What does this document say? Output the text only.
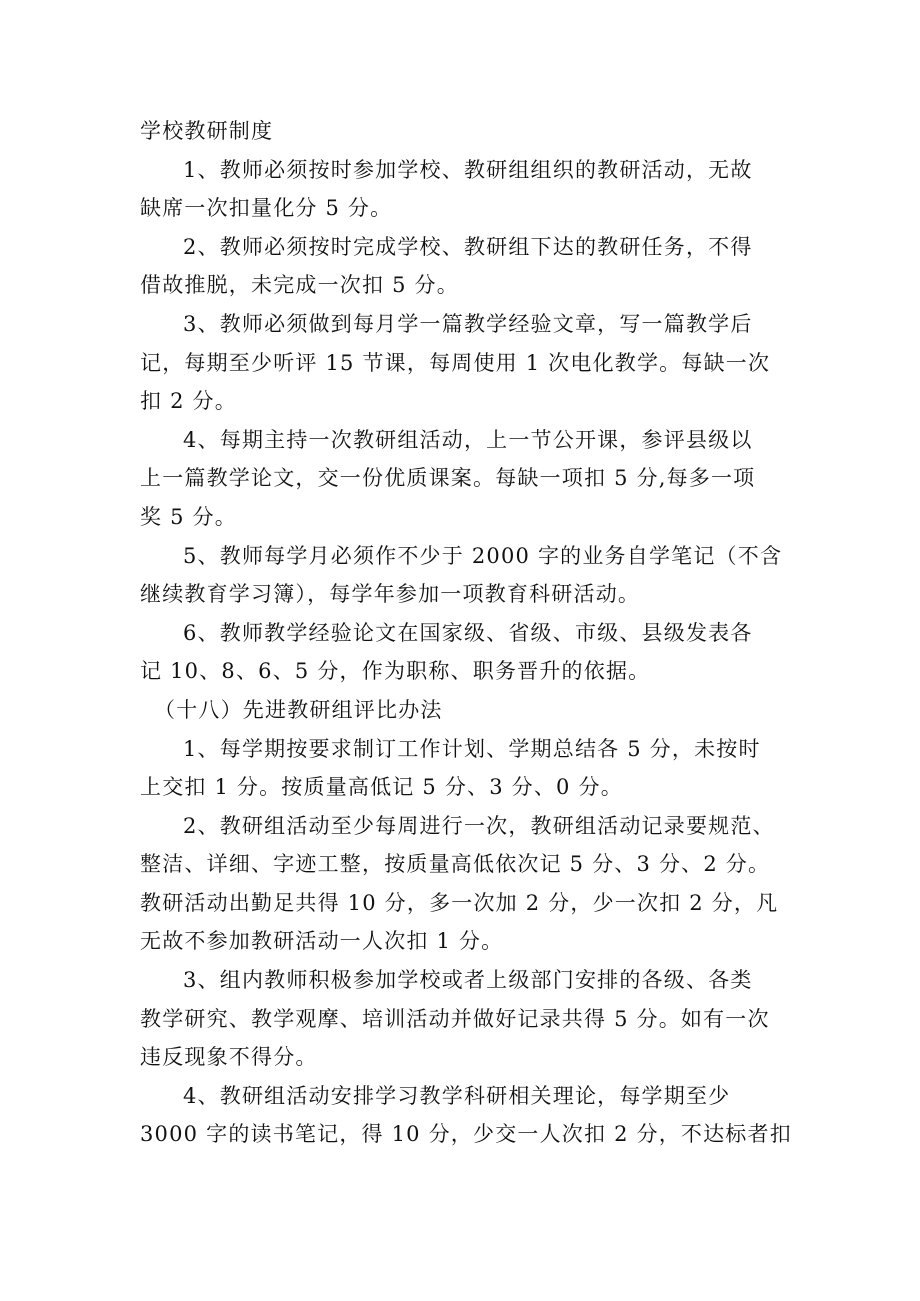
学校教研制度
1、教师必须按时参加学校、教研组组织的教研活动，无故
缺席一次扣量化分 5 分。
2、教师必须按时完成学校、教研组下达的教研任务，不得
借故推脱，未完成一次扣 5 分。
3、教师必须做到每月学一篇教学经验文章，写一篇教学后
记，每期至少听评 15 节课，每周使用 1 次电化教学。每缺一次
扣 2 分。
4、每期主持一次教研组活动，上一节公开课，参评县级以
上一篇教学论文，交一份优质课案。每缺一项扣 5 分,每多一项
奖 5 分。
5、教师每学月必须作不少于 2000 字的业务自学笔记（不含
继续教育学习簿），每学年参加一项教育科研活动。
6、教师教学经验论文在国家级、省级、市级、县级发表各
记 10、8、6、5 分，作为职称、职务晋升的依据。
（十八）先进教研组评比办法
1、每学期按要求制订工作计划、学期总结各 5 分，未按时
上交扣 1 分。按质量高低记 5 分、3 分、0 分。
2、教研组活动至少每周进行一次，教研组活动记录要规范、
整洁、详细、字迹工整，按质量高低依次记 5 分、3 分、2 分。
教研活动出勤足共得 10 分，多一次加 2 分，少一次扣 2 分，凡
无故不参加教研活动一人次扣 1 分。
3、组内教师积极参加学校或者上级部门安排的各级、各类
教学研究、教学观摩、培训活动并做好记录共得 5 分。如有一次
违反现象不得分。
4、教研组活动安排学习教学科研相关理论，每学期至少
3000 字的读书笔记，得 10 分，少交一人次扣 2 分，不达标者扣
